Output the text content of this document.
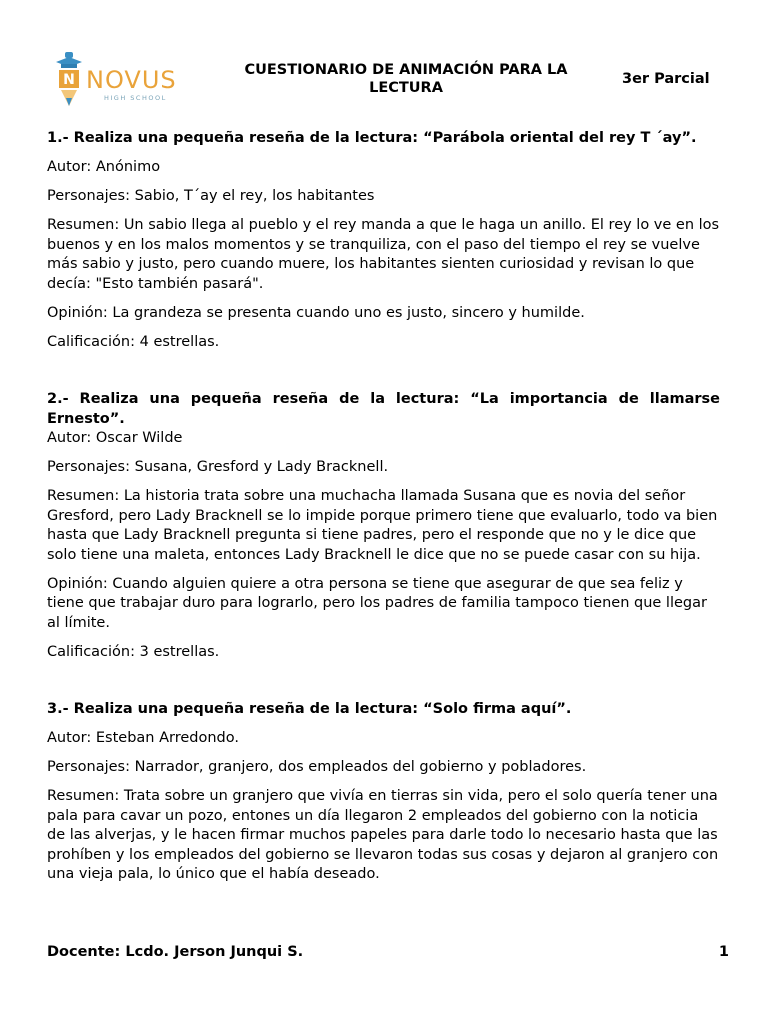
N NOVUS
HIGH SCHOOL
CUESTIONARIO DE ANIMACIÓN PARA LA LECTURA
3er Parcial

1.- Realiza una pequeña reseña de la lectura: “Parábola oriental del rey T ´ay”.

Autor: Anónimo

Personajes: Sabio, T´ay el rey, los habitantes

Resumen: Un sabio llega al pueblo y el rey manda a que le haga un anillo. El rey lo ve en los buenos y en los malos momentos y se tranquiliza, con el paso del tiempo el rey se vuelve más sabio y justo, pero cuando muere, los habitantes sienten curiosidad y revisan lo que decía: "Esto también pasará".

Opinión: La grandeza se presenta cuando uno es justo, sincero y humilde.

Calificación: 4 estrellas.

2.- Realiza una pequeña reseña de la lectura: “La importancia de llamarse Ernesto”.

Autor: Oscar Wilde

Personajes: Susana, Gresford y Lady Bracknell.

Resumen: La historia trata sobre una muchacha llamada Susana que es novia del señor Gresford, pero Lady Bracknell se lo impide porque primero tiene que evaluarlo, todo va bien hasta que Lady Bracknell pregunta si tiene padres, pero el responde que no y le dice que solo tiene una maleta, entonces Lady Bracknell le dice que no se puede casar con su hija.

Opinión: Cuando alguien quiere a otra persona se tiene que asegurar de que sea feliz y tiene que trabajar duro para lograrlo, pero los padres de familia tampoco tienen que llegar al límite.

Calificación: 3 estrellas.

3.- Realiza una pequeña reseña de la lectura: “Solo firma aquí”.

Autor: Esteban Arredondo.

Personajes: Narrador, granjero, dos empleados del gobierno y pobladores.

Resumen: Trata sobre un granjero que vivía en tierras sin vida, pero el solo quería tener una pala para cavar un pozo, entones un día llegaron 2 empleados del gobierno con la noticia de las alverjas, y le hacen firmar muchos papeles para darle todo lo necesario hasta que las prohíben y los empleados del gobierno se llevaron todas sus cosas y dejaron al granjero con una vieja pala, lo único que el había deseado.

Docente: Lcdo. Jerson Junqui S.	1
